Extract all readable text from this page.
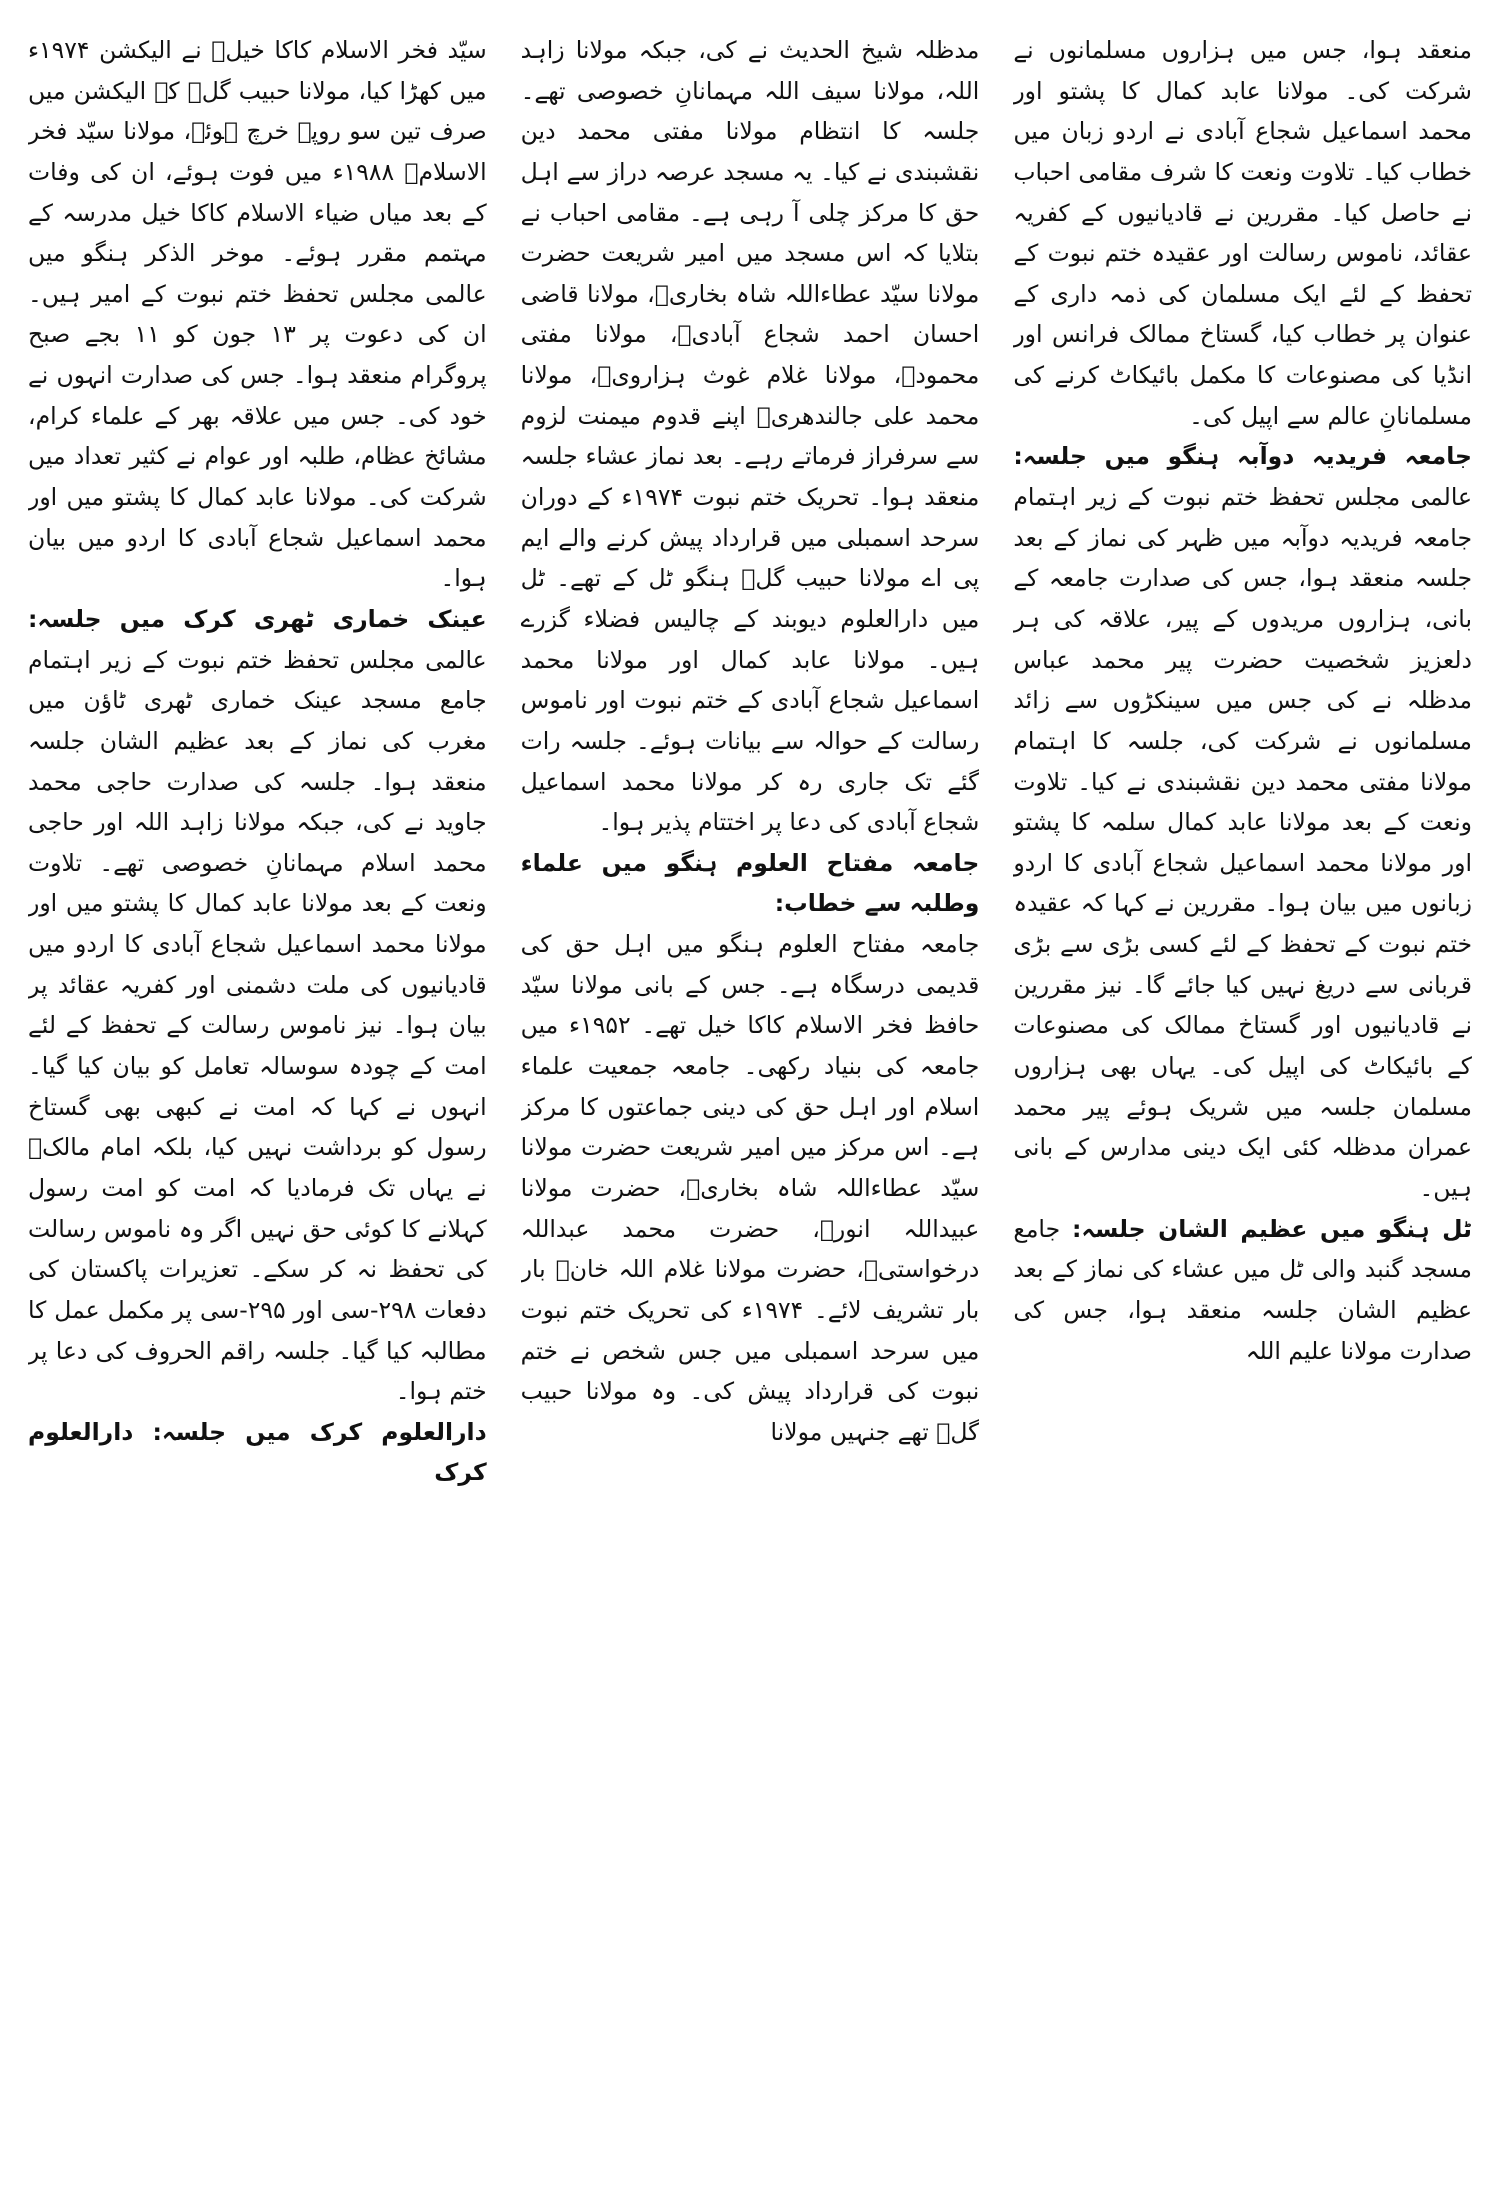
منعقد ہوا، جس میں ہزاروں مسلمانوں نے شرکت کی۔ مولانا عابد کمال کا پشتو اور محمد اسماعیل شجاع آبادی نے اردو زبان میں خطاب کیا۔ تلاوت ونعت کا شرف مقامی احباب نے حاصل کیا۔ مقررین نے قادیانیوں کے کفریہ عقائد، ناموس رسالت اور عقیدہ ختم نبوت کے تحفظ کے لئے ایک مسلمان کی ذمہ داری کے عنوان پر خطاب کیا، گستاخ ممالک فرانس اور انڈیا کی مصنوعات کا مکمل بائیکاٹ کرنے کی مسلمانانِ عالم سے اپیل کی۔

جامعہ فریدیہ دوآبہ ہنگو میں جلسہ: عالمی مجلس تحفظ ختم نبوت کے زیر اہتمام جامعہ فریدیہ دوآبہ میں ظہر کی نماز کے بعد جلسہ منعقد ہوا، جس کی صدارت جامعہ کے بانی، ہزاروں مریدوں کے پیر، علاقہ کی ہر دلعزیز شخصیت حضرت پیر محمد عباس مدظلہ نے کی جس میں سینکڑوں سے زائد مسلمانوں نے شرکت کی، جلسہ کا اہتمام مولانا مفتی محمد دین نقشبندی نے کیا۔ تلاوت ونعت کے بعد مولانا عابد کمال سلمہ کا پشتو اور مولانا محمد اسماعیل شجاع آبادی کا اردو زبانوں میں بیان ہوا۔ مقررین نے کہا کہ عقیدہ ختم نبوت کے تحفظ کے لئے کسی بڑی سے بڑی قربانی سے دریغ نہیں کیا جائے گا۔ نیز مقررین نے قادیانیوں اور گستاخ ممالک کی مصنوعات کے بائیکاٹ کی اپیل کی۔ یہاں بھی ہزاروں مسلمان جلسہ میں شریک ہوئے پیر محمد عمران مدظلہ کئی ایک دینی مدارس کے بانی ہیں۔

ٹل ہنگو میں عظیم الشان جلسہ: جامع مسجد گنبد والی ٹل میں عشاء کی نماز کے بعد عظیم الشان جلسہ منعقد ہوا، جس کی صدارت مولانا علیم اللہ

مدظلہ شیخ الحدیث نے کی، جبکہ مولانا زاہد اللہ، مولانا سیف اللہ مہمانانِ خصوصی تھے۔ جلسہ کا انتظام مولانا مفتی محمد دین نقشبندی نے کیا۔ یہ مسجد عرصہ دراز سے اہل حق کا مرکز چلی آ رہی ہے۔ مقامی احباب نے بتلایا کہ اس مسجد میں امیر شریعت حضرت مولانا سیّد عطاءاللہ شاہ بخاریؒ، مولانا قاضی احسان احمد شجاع آبادیؒ، مولانا مفتی محمودؒ، مولانا غلام غوث ہزارویؒ، مولانا محمد علی جالندھریؒ اپنے قدوم میمنت لزوم سے سرفراز فرماتے رہے۔ بعد نماز عشاء جلسہ منعقد ہوا۔ تحریک ختم نبوت ۱۹۷۴ء کے دوران سرحد اسمبلی میں قرارداد پیش کرنے والے ایم پی اے مولانا حبیب گلؒ ہنگو ٹل کے تھے۔ ٹل میں دارالعلوم دیوبند کے چالیس فضلاء گزرے ہیں۔ مولانا عابد کمال اور مولانا محمد اسماعیل شجاع آبادی کے ختم نبوت اور ناموس رسالت کے حوالہ سے بیانات ہوئے۔ جلسہ رات گئے تک جاری رہ کر مولانا محمد اسماعیل شجاع آبادی کی دعا پر اختتام پذیر ہوا۔

جامعہ مفتاح العلوم ہنگو میں علماء وطلبہ سے خطاب:

جامعہ مفتاح العلوم ہنگو میں اہل حق کی قدیمی درسگاہ ہے۔ جس کے بانی مولانا سیّد حافظ فخر الاسلام کاکا خیل تھے۔ ۱۹۵۲ء میں جامعہ کی بنیاد رکھی۔ جامعہ جمعیت علماء اسلام اور اہل حق کی دینی جماعتوں کا مرکز ہے۔ اس مرکز میں امیر شریعت حضرت مولانا سیّد عطاءاللہ شاہ بخاریؒ، حضرت مولانا عبیداللہ انورؒ، حضرت محمد عبداللہ درخواستیؒ، حضرت مولانا غلام اللہ خانؒ بار بار تشریف لائے۔ ۱۹۷۴ء کی تحریک ختم نبوت میں سرحد اسمبلی میں جس شخص نے ختم نبوت کی قرارداد پیش کی۔ وہ مولانا حبیب گلؒ تھے جنہیں مولانا

سیّد فخر الاسلام کاکا خیلؒ نے الیکشن ۱۹۷۴ء میں کھڑا کیا، مولانا حبیب گلؒ کے الیکشن میں صرف تین سو روپے خرچ ہوئے، مولانا سیّد فخر الاسلامؒ ۱۹۸۸ء میں فوت ہوئے، ان کی وفات کے بعد میاں ضیاء الاسلام کاکا خیل مدرسہ کے مہتمم مقرر ہوئے۔ موخر الذکر ہنگو میں عالمی مجلس تحفظ ختم نبوت کے امیر ہیں۔ ان کی دعوت پر ۱۳ جون کو ۱۱ بجے صبح پروگرام منعقد ہوا۔ جس کی صدارت انہوں نے خود کی۔ جس میں علاقہ بھر کے علماء کرام، مشائخ عظام، طلبہ اور عوام نے کثیر تعداد میں شرکت کی۔ مولانا عابد کمال کا پشتو میں اور محمد اسماعیل شجاع آبادی کا اردو میں بیان ہوا۔

عینک خماری ٹھری کرک میں جلسہ: عالمی مجلس تحفظ ختم نبوت کے زیر اہتمام جامع مسجد عینک خماری ٹھری ٹاؤن میں مغرب کی نماز کے بعد عظیم الشان جلسہ منعقد ہوا۔ جلسہ کی صدارت حاجی محمد جاوید نے کی، جبکہ مولانا زاہد اللہ اور حاجی محمد اسلام مہمانانِ خصوصی تھے۔ تلاوت ونعت کے بعد مولانا عابد کمال کا پشتو میں اور مولانا محمد اسماعیل شجاع آبادی کا اردو میں قادیانیوں کی ملت دشمنی اور کفریہ عقائد پر بیان ہوا۔ نیز ناموس رسالت کے تحفظ کے لئے امت کے چودہ سوسالہ تعامل کو بیان کیا گیا۔ انہوں نے کہا کہ امت نے کبھی بھی گستاخ رسول کو برداشت نہیں کیا، بلکہ امام مالکؒ نے یہاں تک فرمادیا کہ امت کو امت رسول کہلانے کا کوئی حق نہیں اگر وہ ناموس رسالت کی تحفظ نہ کر سکے۔ تعزیرات پاکستان کی دفعات ۲۹۸-سی اور ۲۹۵-سی پر مکمل عمل کا مطالبہ کیا گیا۔ جلسہ راقم الحروف کی دعا پر ختم ہوا۔

دارالعلوم کرک میں جلسہ: دارالعلوم کرک
